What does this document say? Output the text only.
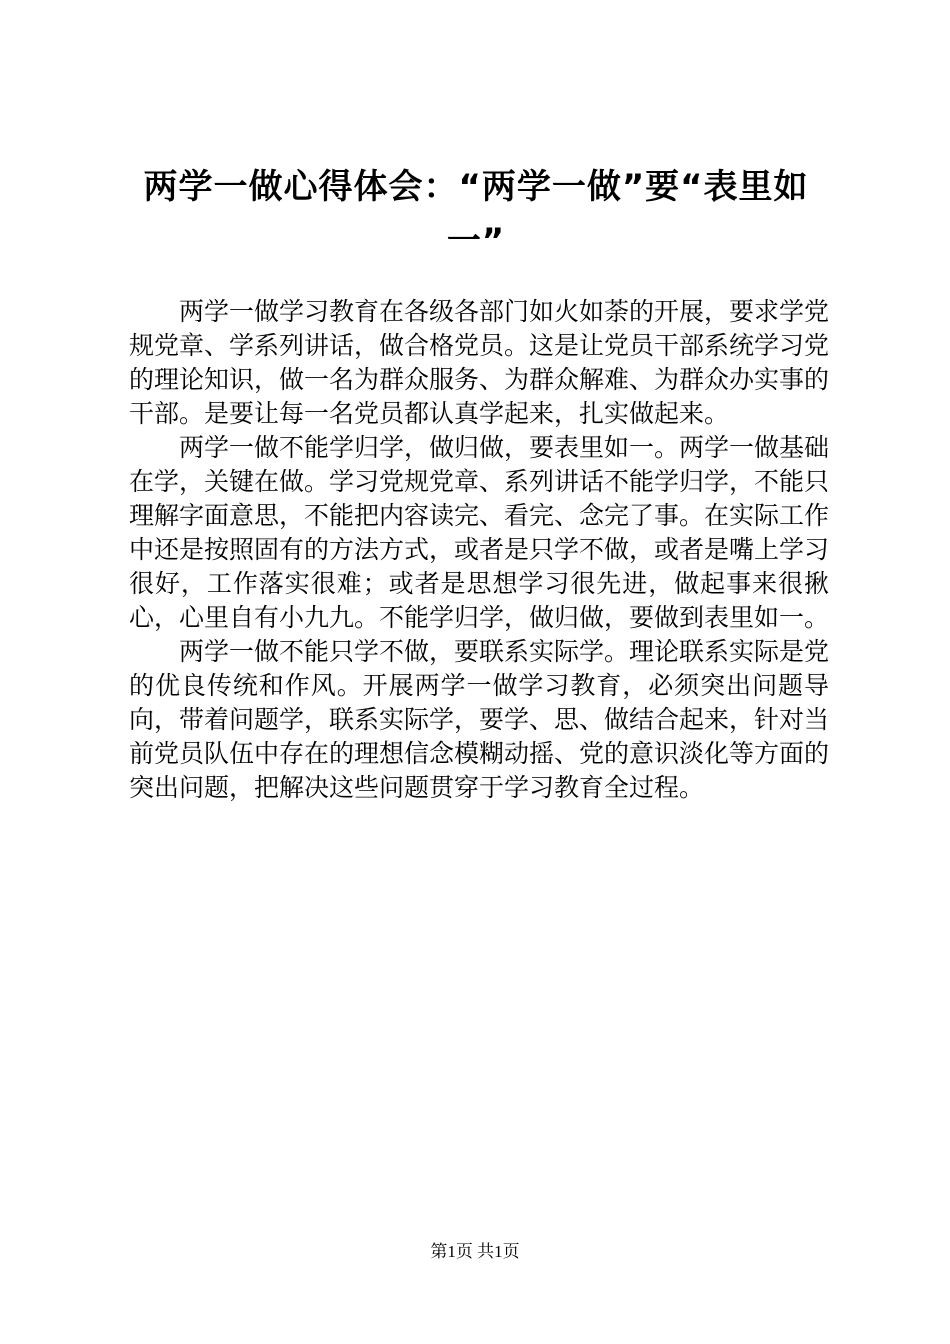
两学一做心得体会：“两学一做”要“表里如一”

两学一做学习教育在各级各部门如火如荼的开展，要求学党规党章、学系列讲话，做合格党员。这是让党员干部系统学习党的理论知识，做一名为群众服务、为群众解难、为群众办实事的干部。是要让每一名党员都认真学起来，扎实做起来。

两学一做不能学归学，做归做，要表里如一。两学一做基础在学，关键在做。学习党规党章、系列讲话不能学归学，不能只理解字面意思，不能把内容读完、看完、念完了事。在实际工作中还是按照固有的方法方式，或者是只学不做，或者是嘴上学习很好，工作落实很难；或者是思想学习很先进，做起事来很揪心，心里自有小九九。不能学归学，做归做，要做到表里如一。

两学一做不能只学不做，要联系实际学。理论联系实际是党的优良传统和作风。开展两学一做学习教育，必须突出问题导向，带着问题学，联系实际学，要学、思、做结合起来，针对当前党员队伍中存在的理想信念模糊动摇、党的意识淡化等方面的突出问题，把解决这些问题贯穿于学习教育全过程。

第1页 共1页
